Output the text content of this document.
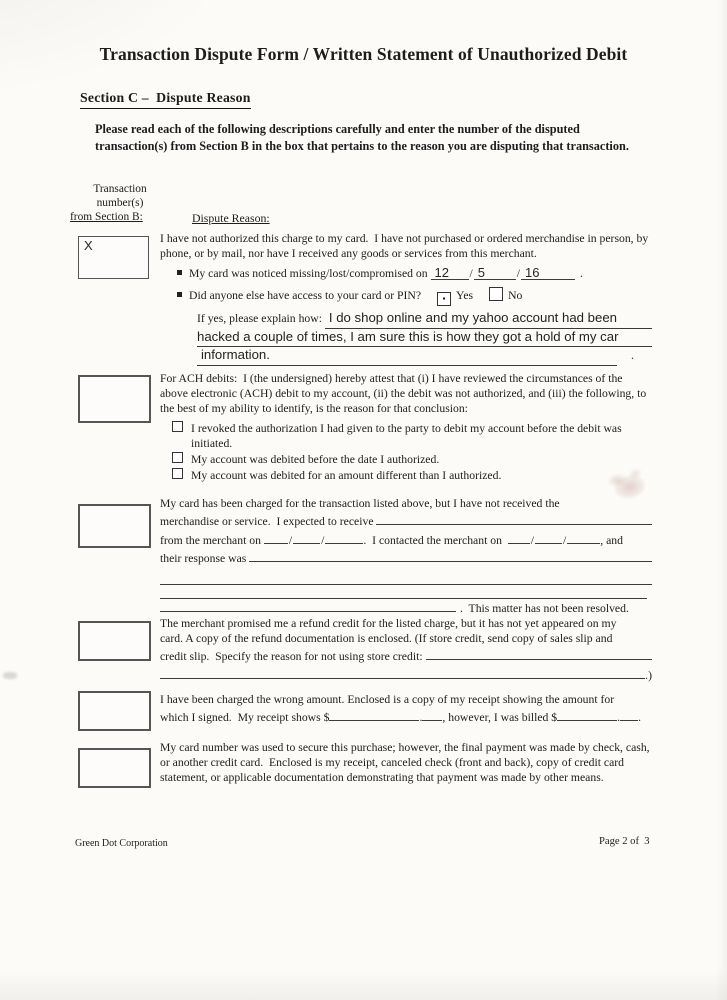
Transaction Dispute Form / Written Statement of Unauthorized Debit
Section C –  Dispute Reason

Please read each of the following descriptions carefully and enter the number of the disputed transaction(s) from Section B in the box that pertains to the reason you are disputing that transaction.

Transaction
number(s)
from Section B:	Dispute Reason:
X	I have not authorized this charge to my card.  I have not purchased or ordered merchandise in person, by phone, or by mail, nor have I received any goods or services from this merchant.
My card was noticed missing/lost/compromised on 12 / 5	/ 16	.
Did anyone else have access to your card or PIN?	▪ Yes	No
If yes, please explain how: I do shop online and my yahoo account had been
hacked a couple of times, I am sure this is how they got a hold of my car
information.	.
For ACH debits:  I (the undersigned) hereby attest that (i) I have reviewed the circumstances of the above electronic (ACH) debit to my account, (ii) the debit was not authorized, and (iii) the following, to the best of my ability to identify, is the reason for that conclusion:
I revoked the authorization I had given to the party to debit my account before the debit was initiated.
My account was debited before the date I authorized.
My account was debited for an amount different than I authorized.
My card has been charged for the transaction listed above, but I have not received the
merchandise or service.  I expected to receive
from the merchant on / /	.  I contacted the merchant on  / /	, and
their response was
.  This matter has not been resolved.
The merchant promised me a refund credit for the listed charge, but it has not yet appeared on my
card. A copy of the refund documentation is enclosed. (If store credit, send copy of sales slip and
credit slip.  Specify the reason for not using store credit:
.)
I have been charged the wrong amount. Enclosed is a copy of my receipt showing the amount for
which I signed.  My receipt shows $	. , however, I was billed $	. .
My card number was used to secure this purchase; however, the final payment was made by check, cash, or another credit card.  Enclosed is my receipt, canceled check (front and back), copy of credit card statement, or applicable documentation demonstrating that payment was made by other means.
Green Dot Corporation	Page 2 of  3
